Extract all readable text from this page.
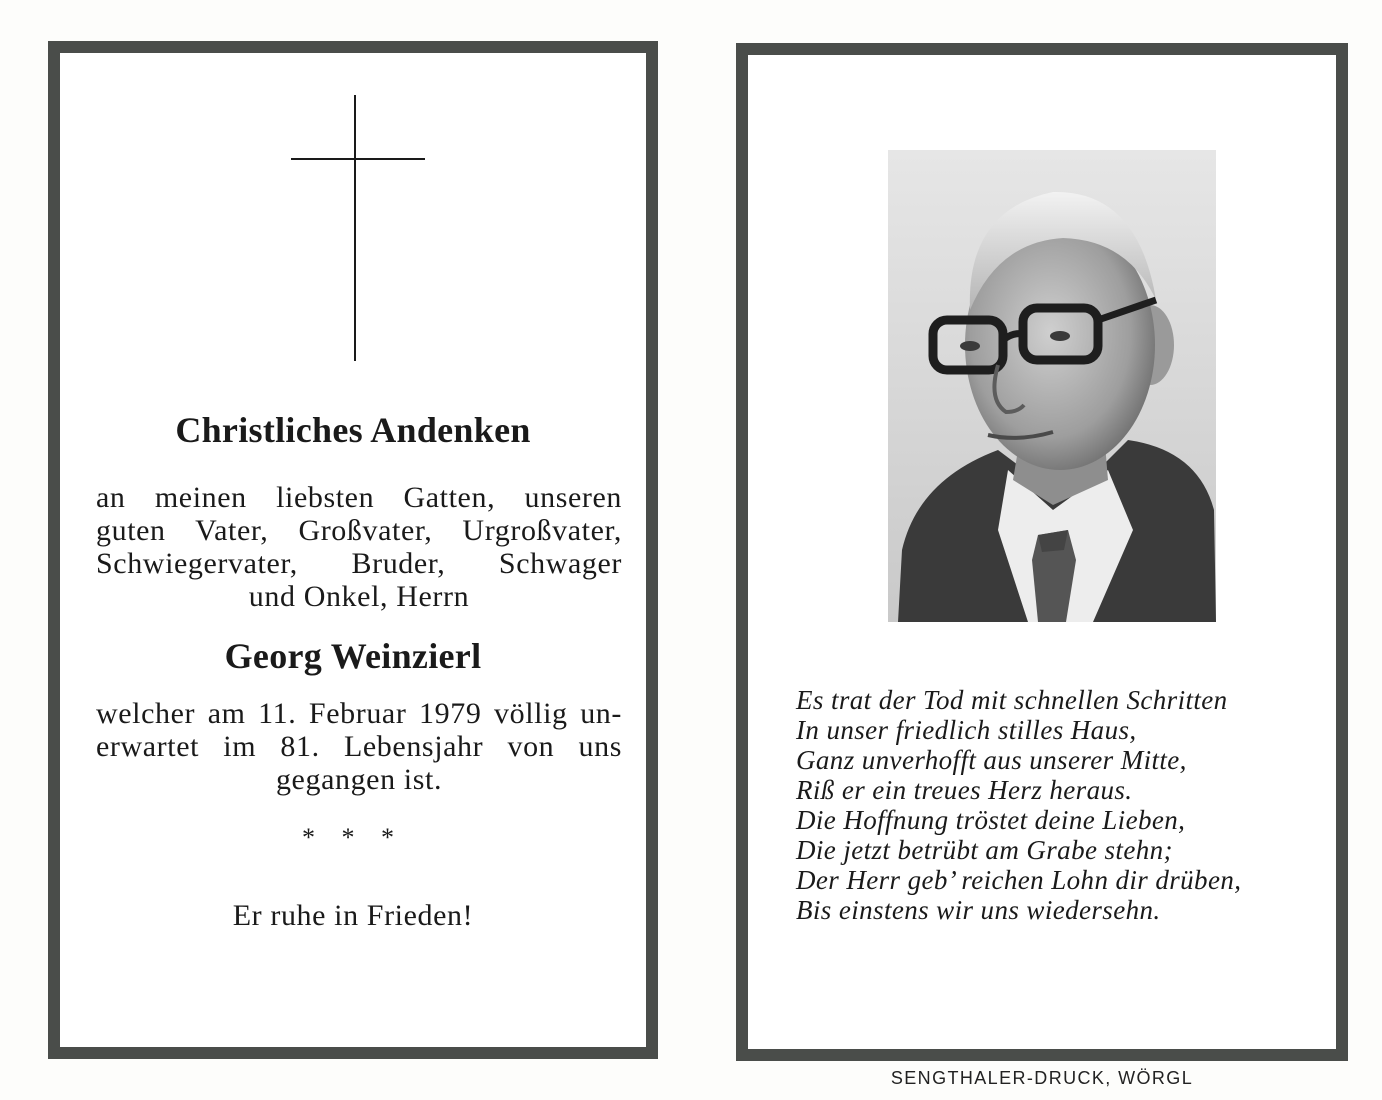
Christliches Andenken
an meinen liebsten Gatten, unseren
guten Vater, Großvater, Urgroßvater,
Schwiegervater, Bruder, Schwager
und Onkel, Herrn
Georg Weinzierl
welcher am 11. Februar 1979 völlig un-
erwartet im 81. Lebensjahr von uns
gegangen ist.
* * *
Er ruhe in Frieden!
Es trat der Tod mit schnellen Schritten
In unser friedlich stilles Haus,
Ganz unverhofft aus unserer Mitte,
Riß er ein treues Herz heraus.
Die Hoffnung tröstet deine Lieben,
Die jetzt betrübt am Grabe stehn;
Der Herr geb’ reichen Lohn dir drüben,
Bis einstens wir uns wiedersehn.
SENGTHALER-DRUCK, WÖRGL
